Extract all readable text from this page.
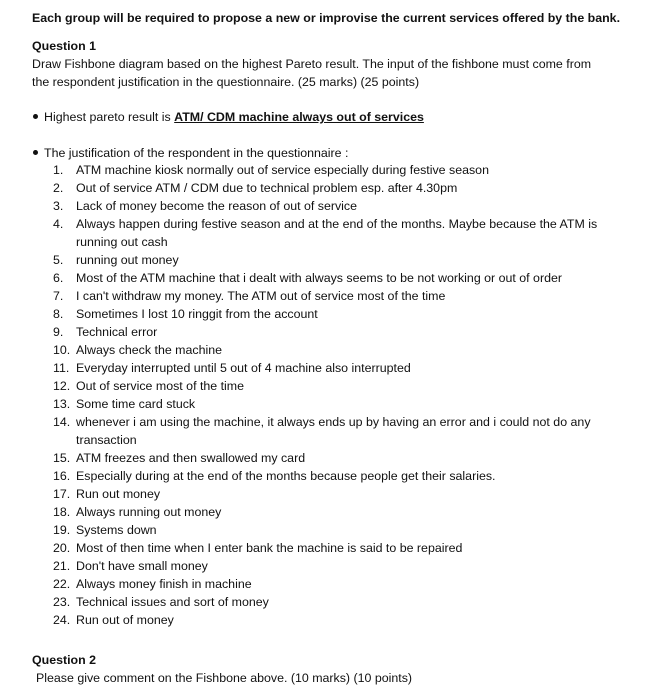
Each group will be required to propose a new or improvise the current services offered by the bank.
Question 1
Draw Fishbone diagram based on the highest Pareto result. The input of the fishbone must come from
the respondent justification in the questionnaire. (25 marks) (25 points)
Highest pareto result is ATM/ CDM machine always out of services
The justification of the respondent in the questionnaire :
1. ATM machine kiosk normally out of service especially during festive season
2. Out of service ATM / CDM due to technical problem esp. after 4.30pm
3. Lack of money become the reason of out of service
4. Always happen during festive season and at the end of the months. Maybe because the ATM is running out cash
5. running out money
6. Most of the ATM machine that i dealt with always seems to be not working or out of order
7. I can't withdraw my money. The ATM out of service most of the time
8. Sometimes I lost 10 ringgit from the account
9. Technical error
10. Always check the machine
11. Everyday interrupted until 5 out of 4 machine also interrupted
12. Out of service most of the time
13. Some time card stuck
14. whenever i am using the machine, it always ends up by having an error and i could not do any transaction
15. ATM freezes and then swallowed my card
16. Especially during at the end of the months because people get their salaries.
17. Run out money
18. Always running out money
19. Systems down
20. Most of then time when I enter bank the machine is said to be repaired
21. Don't have small money
22. Always money finish in machine
23. Technical issues and sort of money
24. Run out of money
Question 2
Please give comment on the Fishbone above. (10 marks) (10 points)
